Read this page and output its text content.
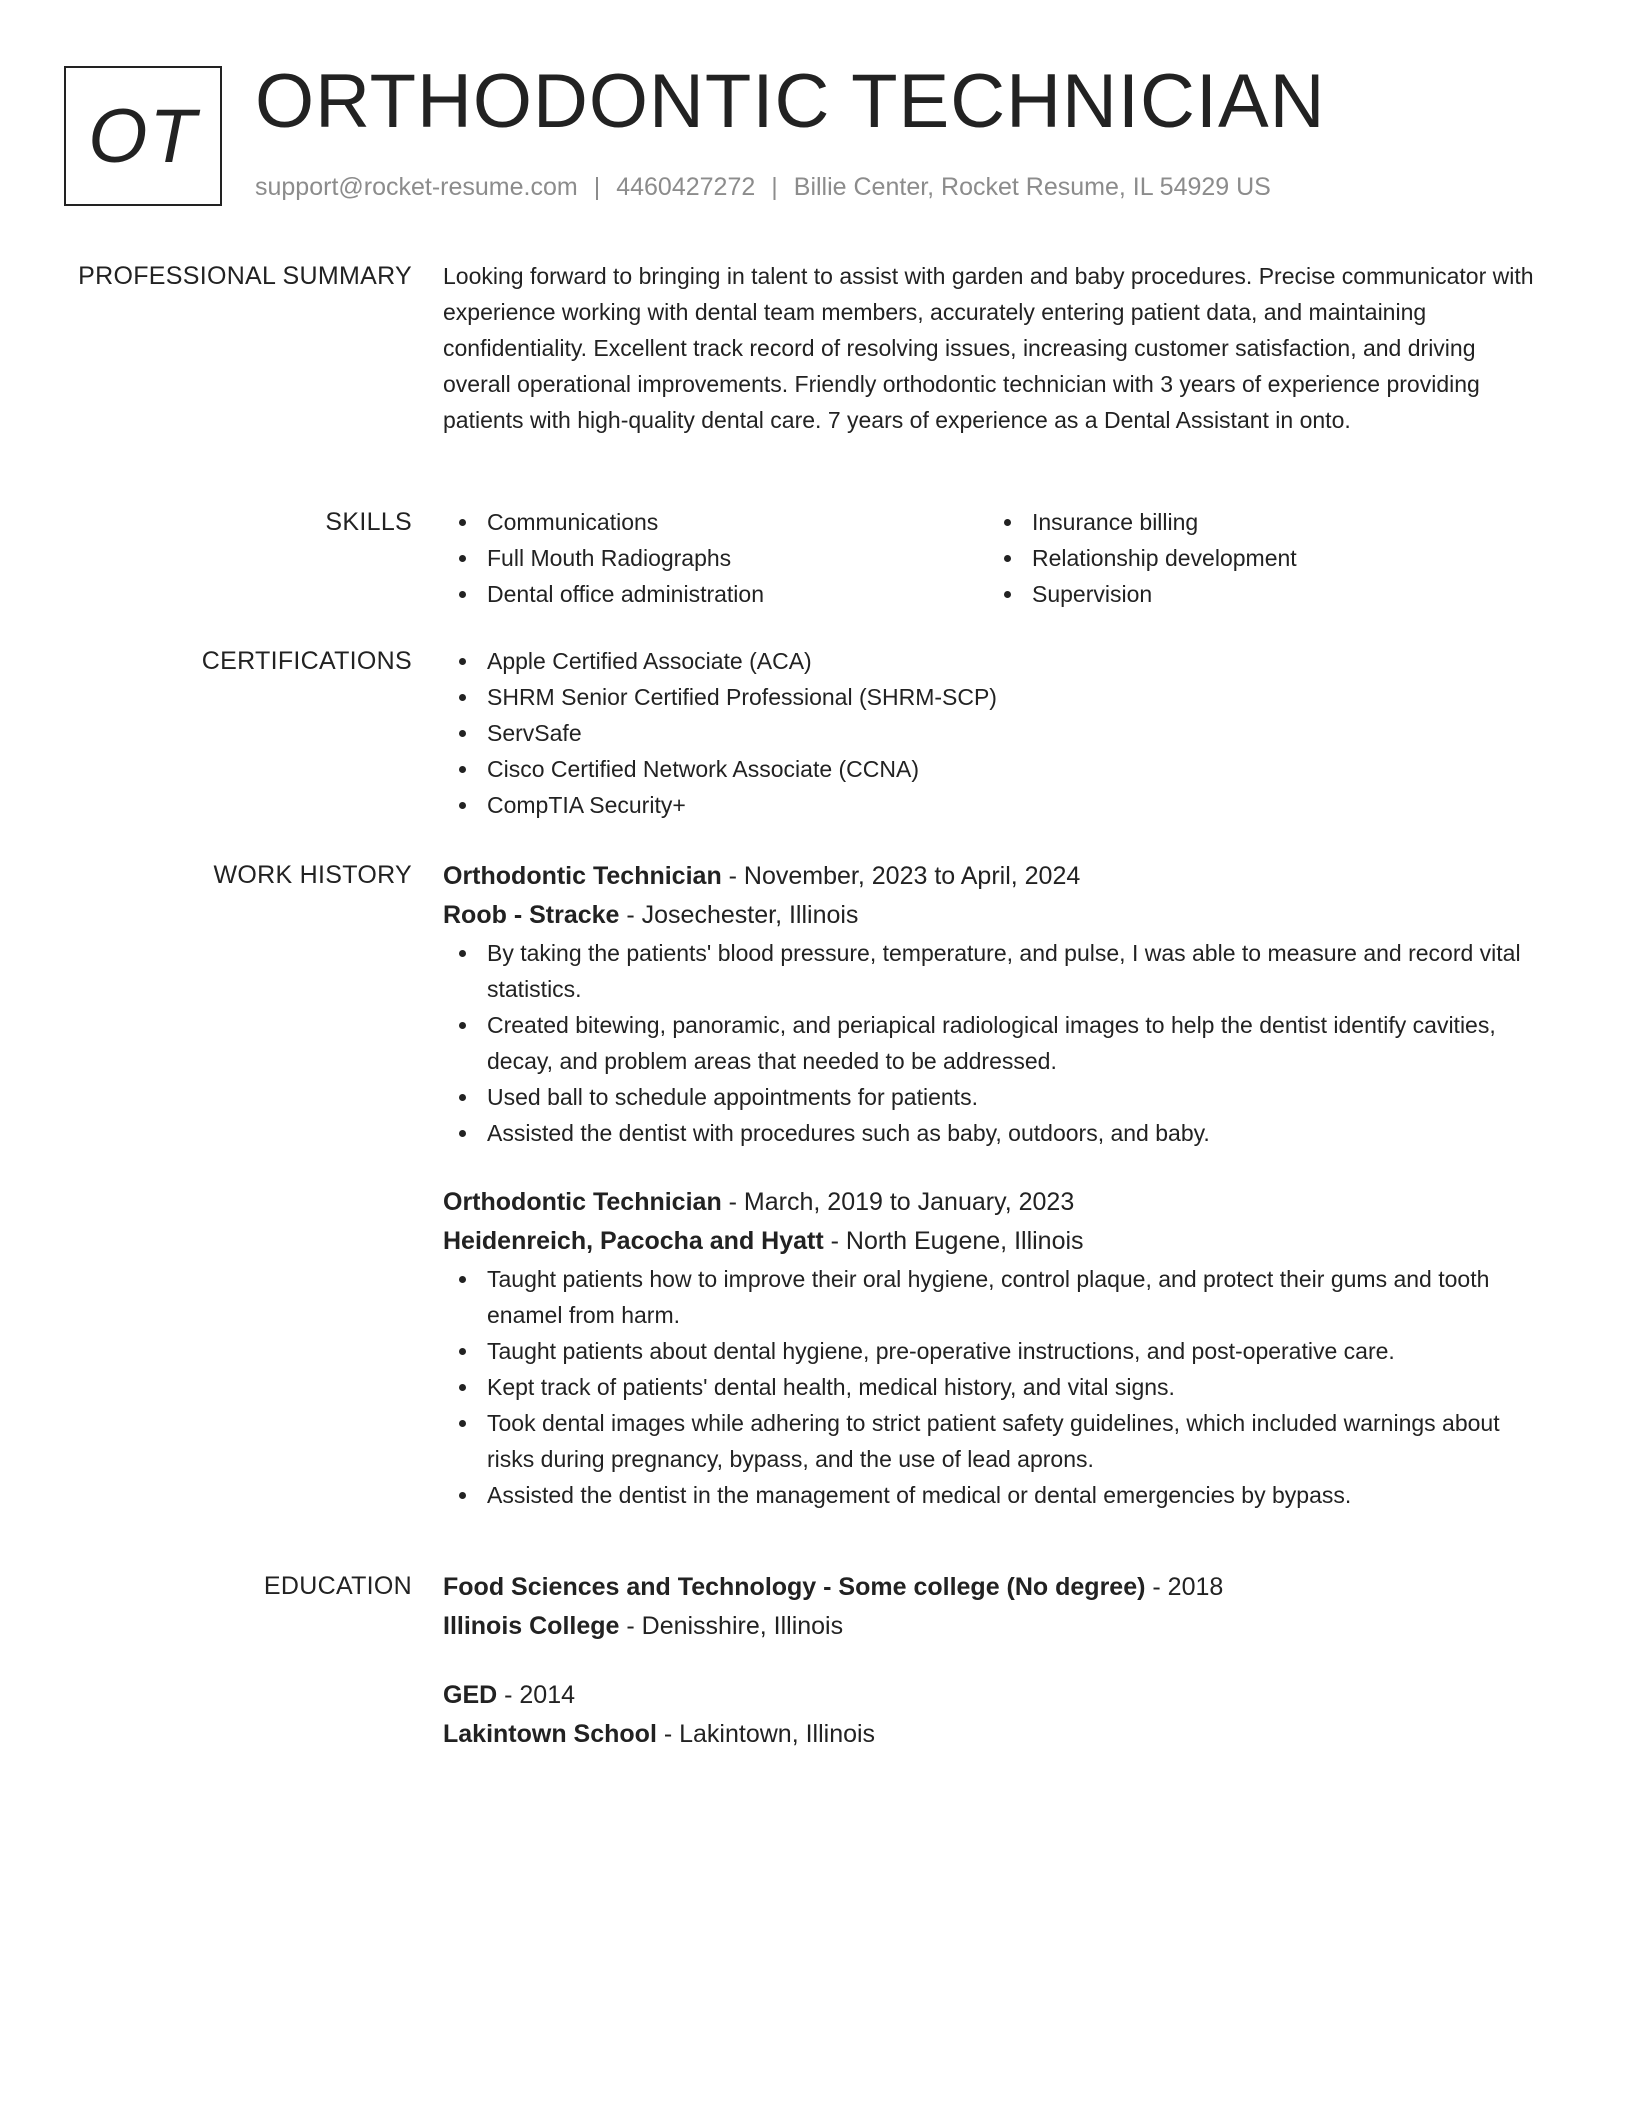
OT ORTHODONTIC TECHNICIAN
support@rocket-resume.com | 4460427272 | Billie Center, Rocket Resume, IL 54929 US
PROFESSIONAL SUMMARY Looking forward to bringing in talent to assist with garden and baby procedures. Precise communicator with experience working with dental team members, accurately entering patient data, and maintaining confidentiality. Excellent track record of resolving issues, increasing customer satisfaction, and driving overall operational improvements. Friendly orthodontic technician with 3 years of experience providing patients with high-quality dental care. 7 years of experience as a Dental Assistant in onto.

SKILLS	Communications
Full Mouth Radiographs
Dental office administration
Insurance billing
Relationship development
Supervision
CERTIFICATIONS	Apple Certified Associate (ACA)
SHRM Senior Certified Professional (SHRM-SCP)
ServSafe
Cisco Certified Network Associate (CCNA)
CompTIA Security+
WORK HISTORY Orthodontic Technician - November, 2023 to April, 2024
Roob - Stracke - Josechester, Illinois
By taking the patients' blood pressure, temperature, and pulse, I was able to measure and record vital statistics.
Created bitewing, panoramic, and periapical radiological images to help the dentist identify cavities, decay, and problem areas that needed to be addressed.
Used ball to schedule appointments for patients.
Assisted the dentist with procedures such as baby, outdoors, and baby.
Orthodontic Technician - March, 2019 to January, 2023
Heidenreich, Pacocha and Hyatt - North Eugene, Illinois
Taught patients how to improve their oral hygiene, control plaque, and protect their gums and tooth enamel from harm.
Taught patients about dental hygiene, pre-operative instructions, and post-operative care.
Kept track of patients' dental health, medical history, and vital signs.
Took dental images while adhering to strict patient safety guidelines, which included warnings about risks during pregnancy, bypass, and the use of lead aprons.
Assisted the dentist in the management of medical or dental emergencies by bypass.
EDUCATION Food Sciences and Technology - Some college (No degree) - 2018
Illinois College - Denisshire, Illinois
GED - 2014
Lakintown School - Lakintown, Illinois
